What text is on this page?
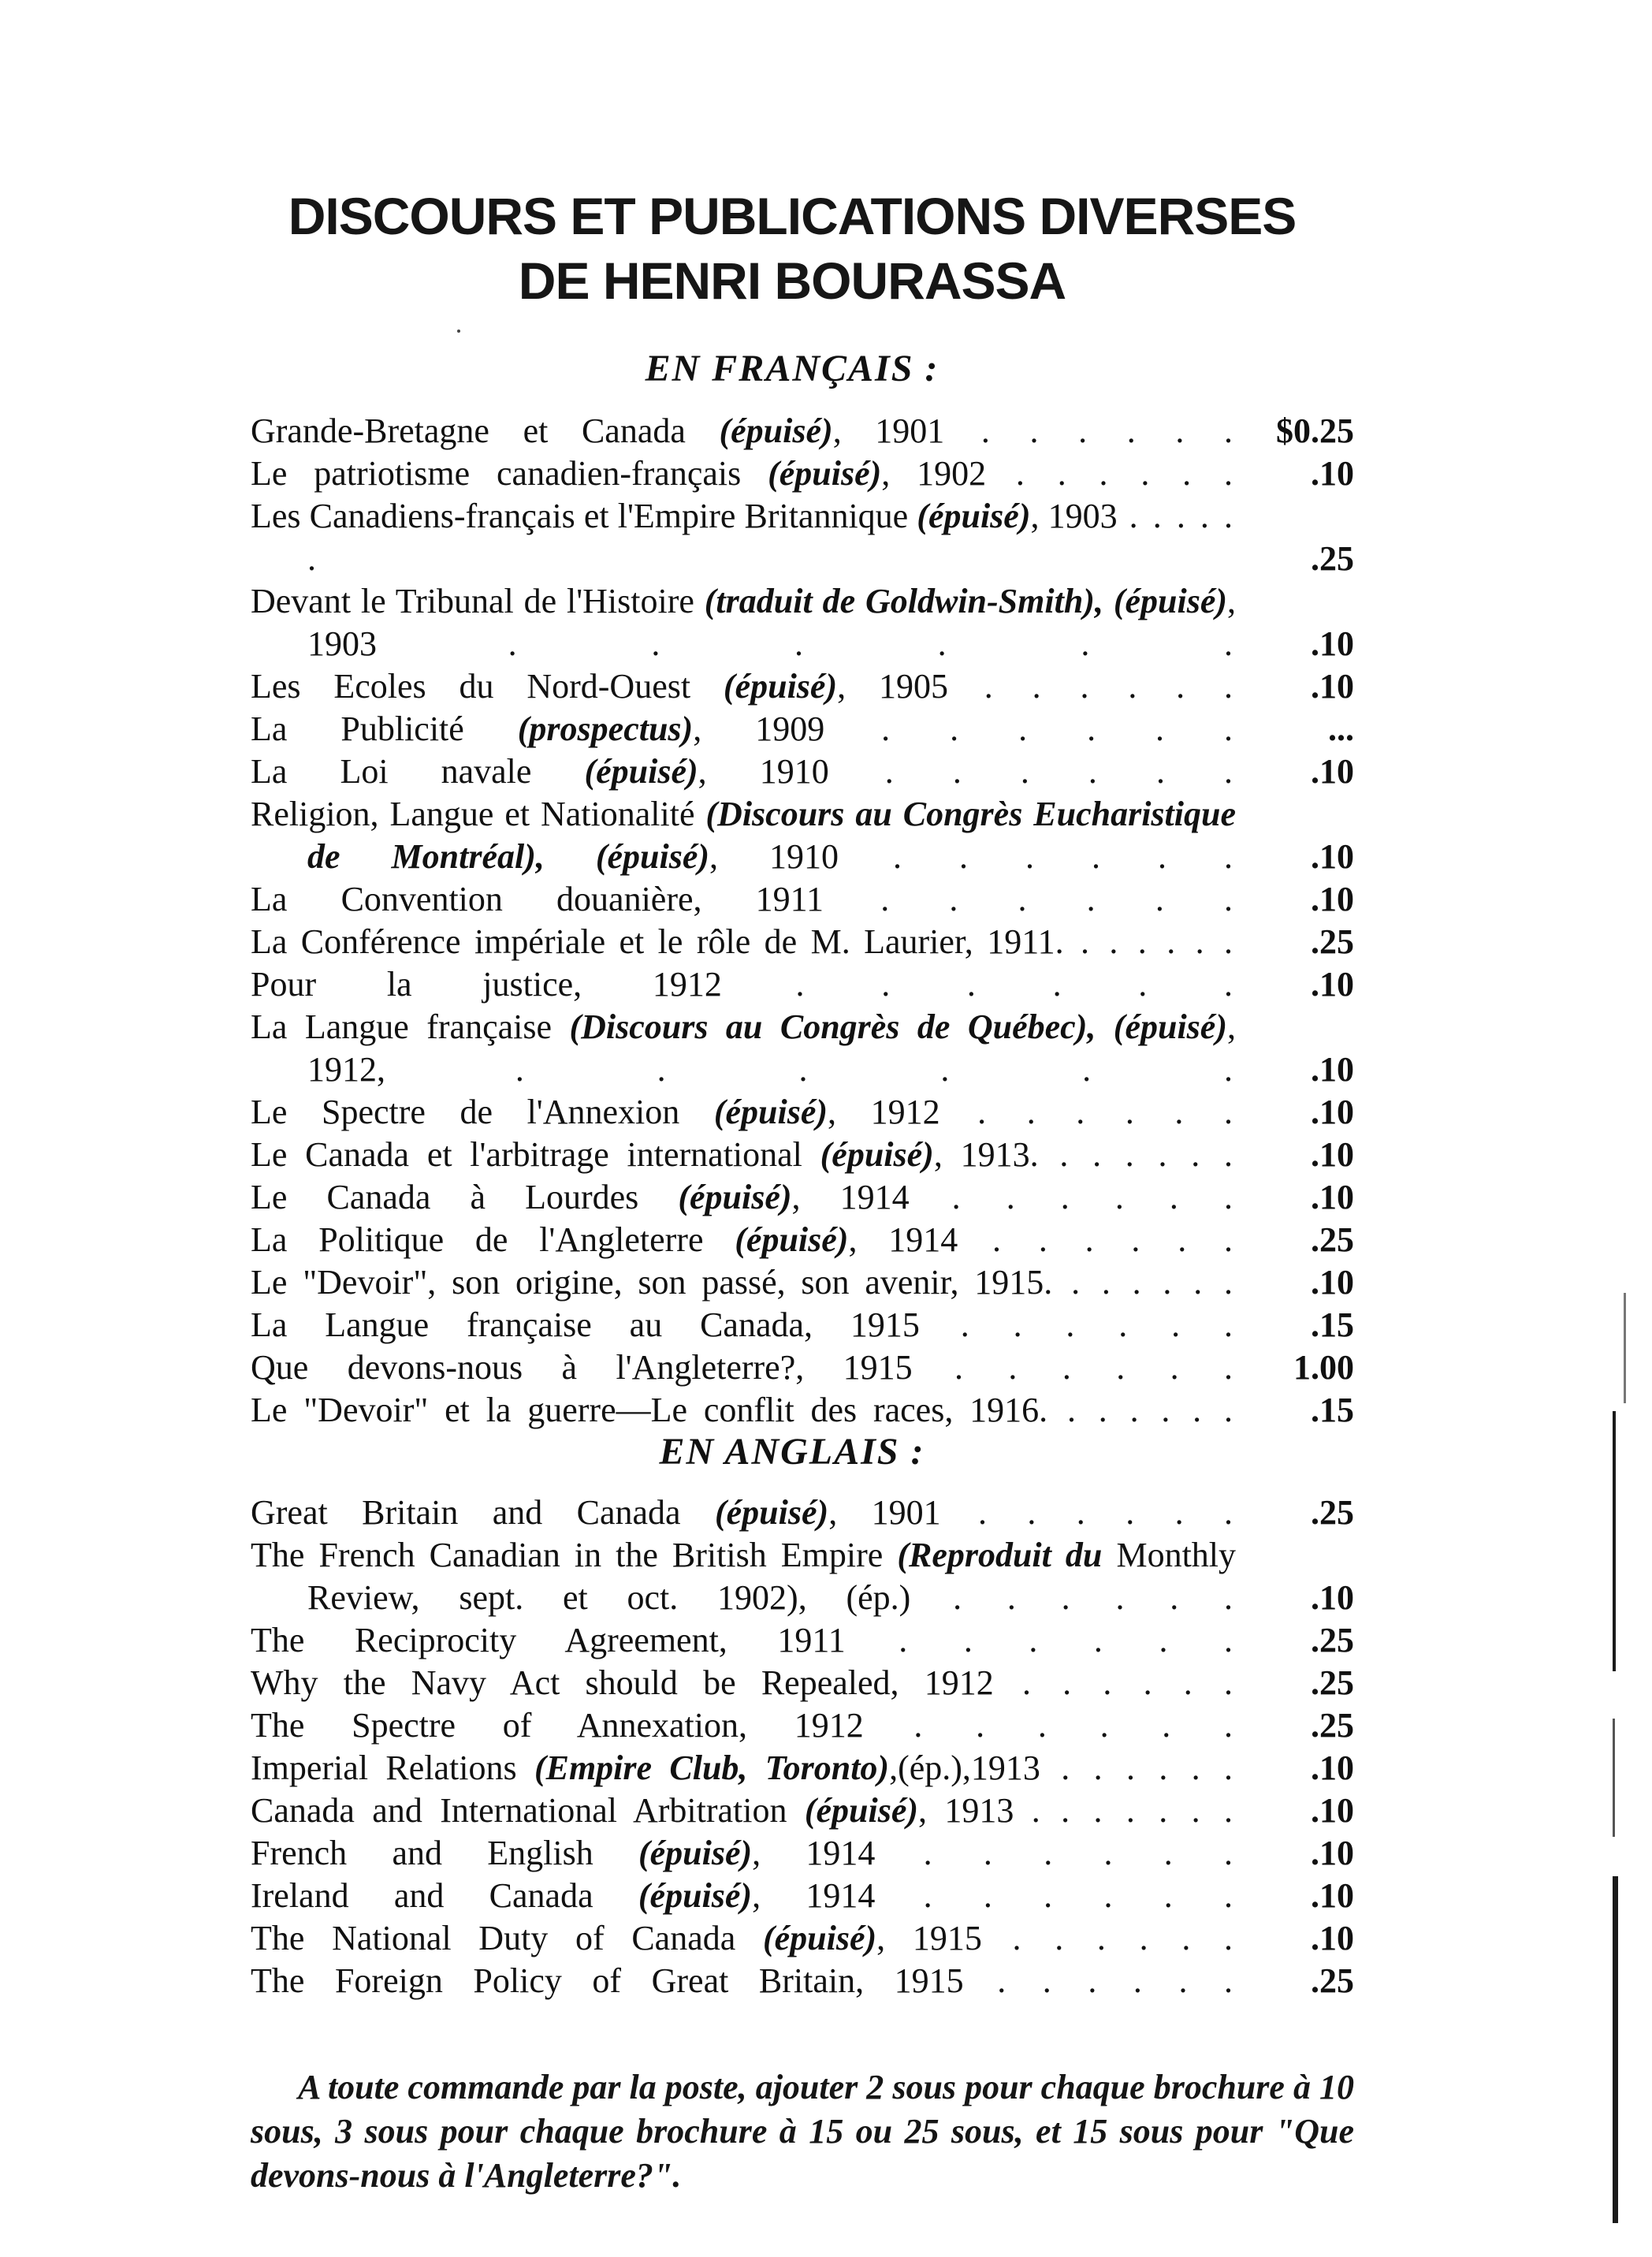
DISCOURS ET PUBLICATIONS DIVERSES
DE HENRI BOURASSA
EN FRANÇAIS :
Grande-Bretagne et Canada (épuisé), 1901 . . . . . .	$0.25
Le patriotisme canadien-français (épuisé), 1902 . . . . . .	.10
Les Canadiens-français et l'Empire Britannique (épuisé), 1903 . . . . . .	.25
Devant le Tribunal de l'Histoire (traduit de Goldwin-Smith), (épuisé), 1903 . . . . . .	.10
Les Ecoles du Nord-Ouest (épuisé), 1905 . . . . . .	.10
La Publicité (prospectus), 1909 . . . . . .	...
La Loi navale (épuisé), 1910 . . . . . .	.10
Religion, Langue et Nationalité (Discours au Congrès Eucharistique de Montréal), (épuisé), 1910 . . . . . .	.10
La Convention douanière, 1911 . . . . . .	.10
La Conférence impériale et le rôle de M. Laurier, 1911. . . . . . .	.25
Pour la justice, 1912 . . . . . .	.10
La Langue française (Discours au Congrès de Québec), (épuisé), 1912, . . . . . .	.10
Le Spectre de l'Annexion (épuisé), 1912 . . . . . .	.10
Le Canada et l'arbitrage international (épuisé), 1913. . . . . . .	.10
Le Canada à Lourdes (épuisé), 1914 . . . . . .	.10
La Politique de l'Angleterre (épuisé), 1914 . . . . . .	.25
Le "Devoir", son origine, son passé, son avenir, 1915. . . . . . .	.10
La Langue française au Canada, 1915 . . . . . .	.15
Que devons-nous à l'Angleterre?, 1915 . . . . . .	1.00
Le "Devoir" et la guerre—Le conflit des races, 1916. . . . . . .	.15
EN ANGLAIS :
Great Britain and Canada (épuisé), 1901 . . . . . .	.25
The French Canadian in the British Empire (Reproduit du Monthly Review, sept. et oct. 1902), (ép.) . . . . . .	.10
The Reciprocity Agreement, 1911 . . . . . .	.25
Why the Navy Act should be Repealed, 1912 . . . . . .	.25
The Spectre of Annexation, 1912 . . . . . .	.25
Imperial Relations (Empire Club, Toronto),(ép.),1913 . . . . . .	.10
Canada and International Arbitration (épuisé), 1913 . . . . . . .	.10
French and English (épuisé), 1914 . . . . . .	.10
Ireland and Canada (épuisé), 1914 . . . . . .	.10
The National Duty of Canada (épuisé), 1915 . . . . . .	.10
The Foreign Policy of Great Britain, 1915 . . . . . .	.25
A toute commande par la poste, ajouter 2 sous pour chaque brochure à 10 sous, 3 sous pour chaque brochure à 15 ou 25 sous, et 15 sous pour "Que devons-nous à l'Angleterre?".
